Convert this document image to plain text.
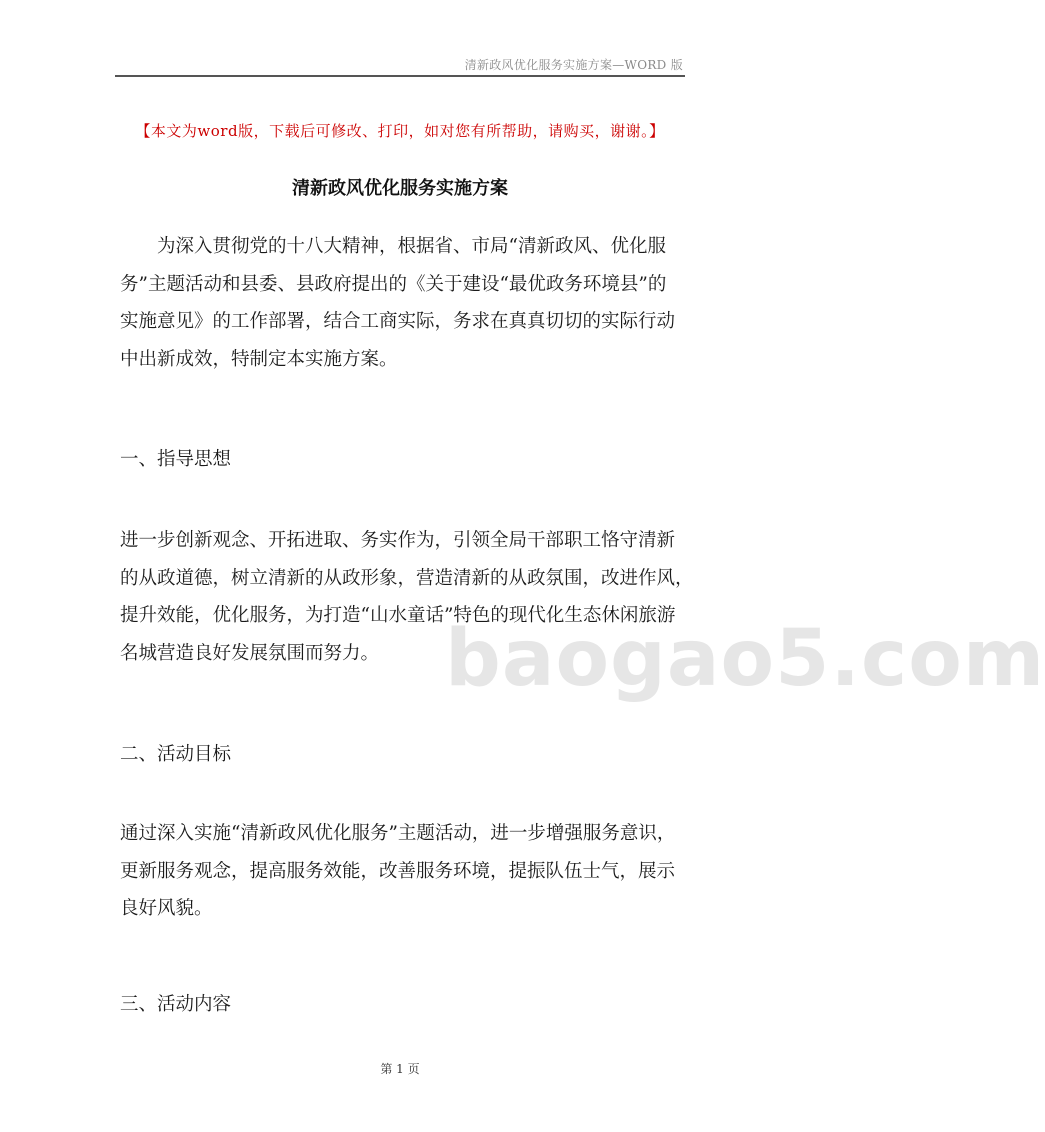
清新政风优化服务实施方案—WORD 版
【本文为word版，下载后可修改、打印，如对您有所帮助，请购买，谢谢。】
清新政风优化服务实施方案

为深入贯彻党的十八大精神，根据省、市局“清新政风、优化服
务”主题活动和县委、县政府提出的《关于建设“最优政务环境县”的
实施意见》的工作部署，结合工商实际，务求在真真切切的实际行动
中出新成效，特制定本实施方案。

一、指导思想

进一步创新观念、开拓进取、务实作为，引领全局干部职工恪守清新
的从政道德，树立清新的从政形象，营造清新的从政氛围，改进作风，
提升效能，优化服务，为打造“山水童话”特色的现代化生态休闲旅游
名城营造良好发展氛围而努力。

二、活动目标

通过深入实施“清新政风优化服务”主题活动，进一步增强服务意识，
更新服务观念，提高服务效能，改善服务环境，提振队伍士气，展示
良好风貌。

三、活动内容

baogao5.com
第 1 页
